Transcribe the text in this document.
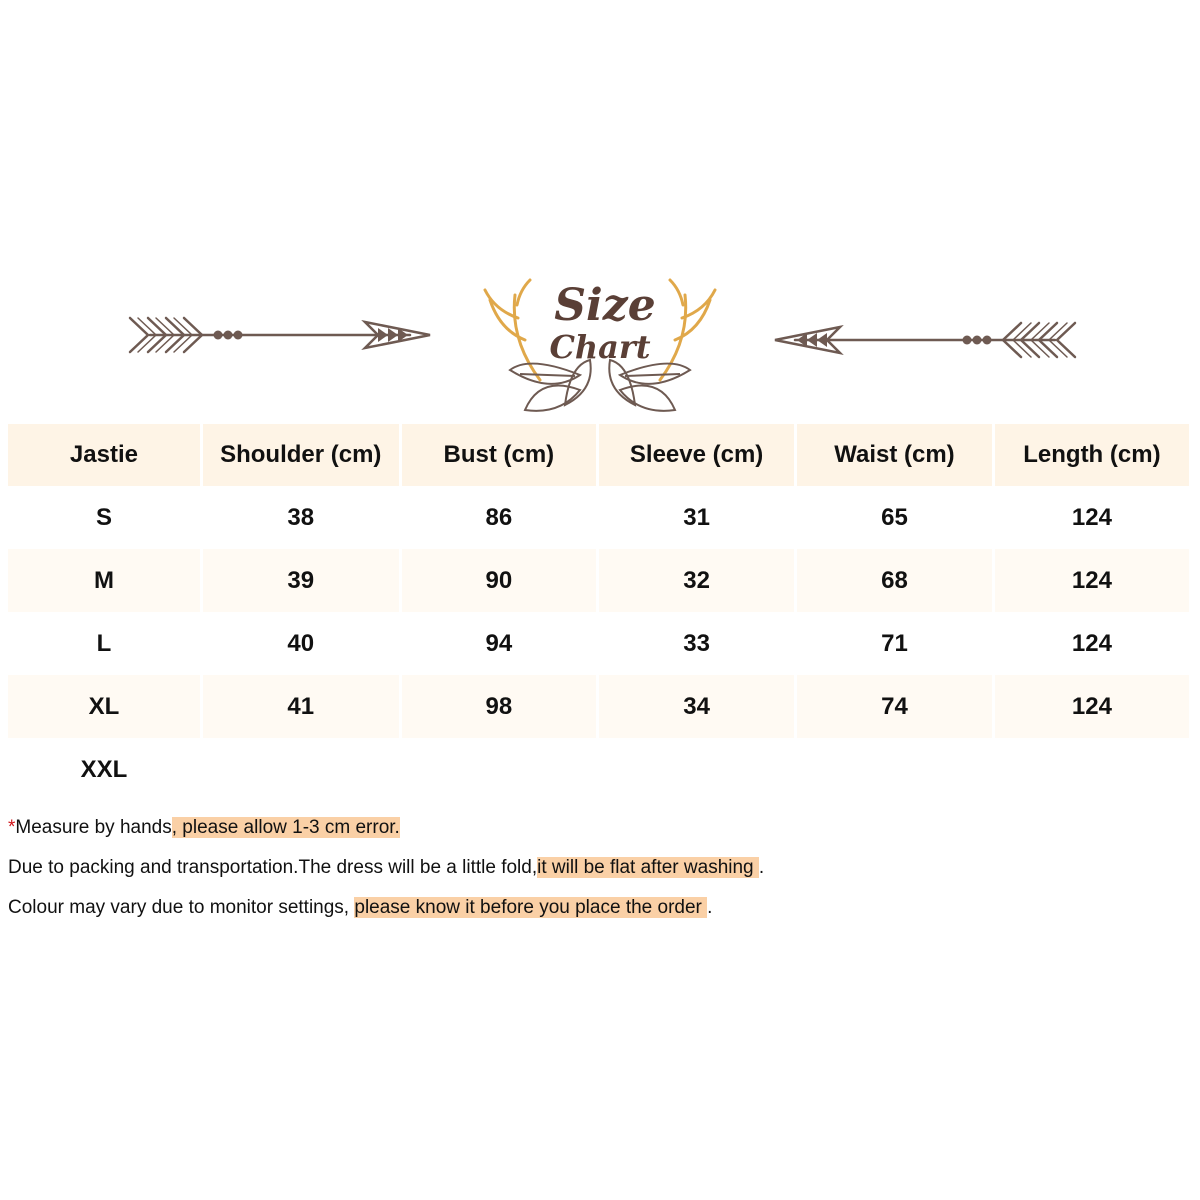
Size
Chart
Jastie	Shoulder (cm)	Bust (cm)	Sleeve (cm)	Waist (cm)	Length (cm)
S	38	86	31	65	124
M	39	90	32	68	124
L	40	94	33	71	124
XL	41	98	34	74	124
XXL					

*Measure by hands, please allow 1-3 cm error.

Due to packing and transportation.The dress will be a little fold,it will be flat after washing .

Colour may vary due to monitor settings, please know it before you place the order .
